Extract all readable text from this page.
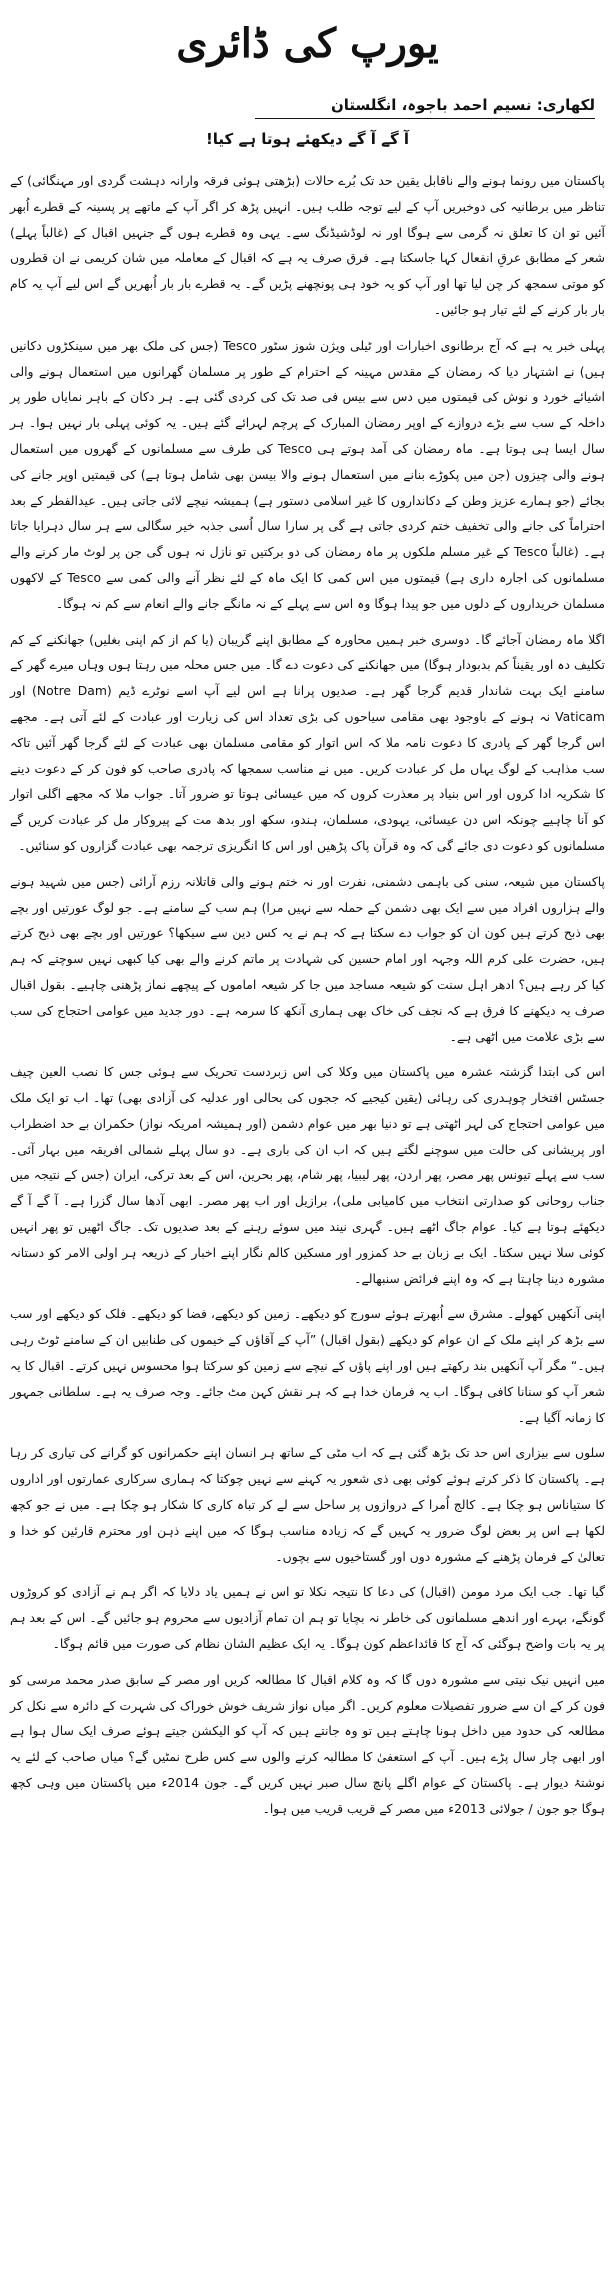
یورپ کی ڈائری
لکھاری: نسیم احمد باجوہ، انگلستان
آ گے آ گے دیکھئے ہوتا ہے کیا!

پاکستان میں رونما ہونے والے ناقابل یقین حد تک بُرے حالات (بڑھتی ہوئی فرقہ وارانہ دہشت گردی اور مہنگائی) کے تناظر میں برطانیہ کی دوخبریں آپ کے لیے توجہ طلب ہیں۔ انہیں پڑھ کر اگر آپ کے ماتھے پر پسینہ کے قطرے اُبھر آئیں تو ان کا تعلق نہ گرمی سے ہوگا اور نہ لوڈشیڈنگ سے۔ یہی وہ قطرے ہوں گے جنہیں اقبال کے (غالباً پہلے) شعر کے مطابق عرقِ انفعال کہا جاسکتا ہے۔ فرق صرف یہ ہے کہ اقبال کے معاملہ میں شان کریمی نے ان قطروں کو موتی سمجھ کر چن لیا تھا اور آپ کو یہ خود ہی پونچھنے پڑیں گے۔ یہ قطرے بار بار اُبھریں گے اس لیے آپ یہ کام بار بار کرنے کے لئے تیار ہو جائیں۔

پہلی خبر یہ ہے کہ آج برطانوی اخبارات اور ٹیلی ویژن شوز سٹور Tesco (جس کی ملک بھر میں سینکڑوں دکانیں ہیں) نے اشتہار دیا کہ رمضان کے مقدس مہینہ کے احترام کے طور پر مسلمان گھرانوں میں استعمال ہونے والی اشیائے خورد و نوش کی قیمتوں میں دس سے بیس فی صد تک کی کردی گئی ہے۔ ہر دکان کے باہر نمایاں طور پر داخلہ کے سب سے بڑے دروازے کے اوپر رمضان المبارک کے پرچم لہرائے گئے ہیں۔ یہ کوئی پہلی بار نہیں ہوا۔ ہر سال ایسا ہی ہوتا ہے۔ ماہ رمضان کی آمد ہوتے ہی Tesco کی طرف سے مسلمانوں کے گھروں میں استعمال ہونے والی چیزوں (جن میں پکوڑے بنانے میں استعمال ہونے والا بیسن بھی شامل ہوتا ہے) کی قیمتیں اوپر جانے کی بجائے (جو ہمارے عزیز وطن کے دکانداروں کا غیر اسلامی دستور ہے) ہمیشہ نیچے لائی جاتی ہیں۔ عیدالفطر کے بعد احتراماً کی جانے والی تخفیف ختم کردی جاتی ہے گی پر سارا سال اُسی جذبہ خیر سگالی سے ہر سال دہرایا جاتا ہے۔ (غالباً Tesco کے غیر مسلم ملکوں پر ماہ رمضان کی دو برکتیں تو نازل نہ ہوں گی جن پر لوٹ مار کرنے والے مسلمانوں کی اجارہ داری ہے) قیمتوں میں اس کمی کا ایک ماہ کے لئے نظر آنے والی کمی سے Tesco کے لاکھوں مسلمان خریداروں کے دلوں میں جو پیدا ہوگا وہ اس سے پہلے کے نہ مانگے جانے والے انعام سے کم نہ ہوگا۔

اگلا ماہ رمضان آجائے گا۔ دوسری خبر ہمیں محاورہ کے مطابق اپنے گریبان (یا کم از کم اپنی بغلیں) جھانکنے کے کم تکلیف دہ اور یقیناً کم بدبودار ہوگا) میں جھانکنے کی دعوت دے گا۔ میں جس محلہ میں رہتا ہوں وہاں میرے گھر کے سامنے ایک بہت شاندار قدیم گرجا گھر ہے۔ صدیوں پرانا ہے اس لیے آپ اسے نوٹرے ڈیم (Notre Dam) اور Vaticam نہ ہونے کے باوجود بھی مقامی سیاحوں کی بڑی تعداد اس کی زیارت اور عبادت کے لئے آتی ہے۔ مجھے اس گرجا گھر کے پادری کا دعوت نامہ ملا کہ اس اتوار کو مقامی مسلمان بھی عبادت کے لئے گرجا گھر آئیں تاکہ سب مذاہب کے لوگ یہاں مل کر عبادت کریں۔ میں نے مناسب سمجھا کہ پادری صاحب کو فون کر کے دعوت دینے کا شکریہ ادا کروں اور اس بنیاد پر معذرت کروں کہ میں عیسائی ہوتا تو ضرور آتا۔ جواب ملا کہ مجھے اگلی اتوار کو آنا چاہیے چونکہ اس دن عیسائی، یہودی، مسلمان، ہندو، سکھ اور بدھ مت کے پیروکار مل کر عبادت کریں گے مسلمانوں کو دعوت دی جائے گی کہ وہ قرآن پاک پڑھیں اور اس کا انگریزی ترجمہ بھی عبادت گزاروں کو سنائیں۔

پاکستان میں شیعہ، سنی کی باہمی دشمنی، نفرت اور نہ ختم ہونے والی قاتلانہ رزم آرائی (جس میں شہید ہونے والے ہزاروں افراد میں سے ایک بھی دشمن کے حملہ سے نہیں مرا) ہم سب کے سامنے ہے۔ جو لوگ عورتیں اور بچے بھی ذبح کرتے ہیں کون ان کو جواب دے سکتا ہے کہ ہم نے یہ کس دین سے سیکھا؟ عورتیں اور بچے بھی ذبح کرتے ہیں، حضرت علی کرم اللہ وجہہ اور امام حسین کی شہادت پر ماتم کرنے والے بھی کیا کبھی نہیں سوچتے کہ ہم کیا کر رہے ہیں؟ ادھر اہل سنت کو شیعہ مساجد میں جا کر شیعہ اماموں کے پیچھے نماز پڑھنی چاہیے۔ بقول اقبال صرف یہ دیکھنے کا فرق ہے کہ نجف کی خاک بھی ہماری آنکھ کا سرمہ ہے۔ دور جدید میں عوامی احتجاج کی سب سے بڑی علامت میں اٹھی ہے۔

اس کی ابتدا گزشتہ عشرہ میں پاکستان میں وکلا کی اس زبردست تحریک سے ہوئی جس کا نصب العین چیف جسٹس افتخار چوہدری کی رہائی (یقین کیجیے کہ ججوں کی بحالی اور عدلیہ کی آزادی بھی) تھا۔ اب تو ایک ملک میں عوامی احتجاج کی لہر اٹھتی ہے تو دنیا بھر میں عوام دشمن (اور ہمیشہ امریکہ نواز) حکمران بے حد اضطراب اور پریشانی کی حالت میں سوچنے لگتے ہیں کہ اب ان کی باری ہے۔ دو سال پہلے شمالی افریقہ میں بہار آئی۔ سب سے پہلے تیونس پھر مصر، پھر اردن، پھر لیبیا، پھر شام، پھر بحرین، اس کے بعد ترکی، ایران (جس کے نتیجہ میں جناب روحانی کو صدارتی انتخاب میں کامیابی ملی)، برازیل اور اب پھر مصر۔ ابھی آدھا سال گزرا ہے۔ آ گے آ گے دیکھئے ہوتا ہے کیا۔ عوام جاگ اٹھے ہیں۔ گہری نیند میں سوئے رہنے کے بعد صدیوں تک۔ جاگ اٹھیں تو پھر انہیں کوئی سلا نہیں سکتا۔ ایک بے زبان بے حد کمزور اور مسکین کالم نگار اپنے اخبار کے ذریعہ ہر اولی الامر کو دستانہ مشورہ دینا چاہتا ہے کہ وہ اپنے فرائض سنبھالے۔

اپنی آنکھیں کھولے۔ مشرق سے اُبھرتے ہوئے سورج کو دیکھے۔ زمین کو دیکھے، فضا کو دیکھے۔ فلک کو دیکھے اور سب سے بڑھ کر اپنے ملک کے ان عوام کو دیکھے (بقول اقبال) ”آپ کے آقاؤں کے خیموں کی طنابیں ان کے سامنے ٹوٹ رہی ہیں۔“ مگر آپ آنکھیں بند رکھتے ہیں اور اپنے پاؤں کے نیچے سے زمین کو سرکتا ہوا محسوس نہیں کرتے۔ اقبال کا یہ شعر آپ کو سنانا کافی ہوگا۔ اب یہ فرمان خدا ہے کہ ہر نقش کہن مٹ جائے۔ وجہ صرف یہ ہے۔ سلطانی جمہور کا زمانہ آگیا ہے۔

سلوں سے بیزاری اس حد تک بڑھ گئی ہے کہ اب مٹی کے ساتھ ہر انسان اپنے حکمرانوں کو گرانے کی تیاری کر رہا ہے۔ پاکستان کا ذکر کرتے ہوئے کوئی بھی ذی شعور یہ کہنے سے نہیں چوکتا کہ ہماری سرکاری عمارتوں اور اداروں کا ستیاناس ہو چکا ہے۔ کالج اُمرا کے دروازوں پر ساحل سے لے کر تباہ کاری کا شکار ہو چکا ہے۔ میں نے جو کچھ لکھا ہے اس پر بعض لوگ ضرور یہ کہیں گے کہ زیادہ مناسب ہوگا کہ میں اپنے ذہن اور محترم قارئین کو خدا و تعالیٰ کے فرمان پڑھنے کے مشورہ دوں اور گستاخیوں سے بچوں۔

گیا تھا۔ جب ایک مرد مومن (اقبال) کی دعا کا نتیجہ نکلا تو اس نے ہمیں یاد دلایا کہ اگر ہم نے آزادی کو کروڑوں گونگے، بہرے اور اندھے مسلمانوں کی خاطر نہ بچایا تو ہم ان تمام آزادیوں سے محروم ہو جائیں گے۔ اس کے بعد ہم پر یہ بات واضح ہوگئی کہ آج کا قائداعظم کون ہوگا۔ یہ ایک عظیم الشان نظام کی صورت میں قائم ہوگا۔

میں انہیں نیک نیتی سے مشورہ دوں گا کہ وہ کلام اقبال کا مطالعہ کریں اور مصر کے سابق صدر محمد مرسی کو فون کر کے ان سے ضرور تفصیلات معلوم کریں۔ اگر میاں نواز شریف خوش خوراک کی شہرت کے دائرہ سے نکل کر مطالعہ کی حدود میں داخل ہونا چاہتے ہیں تو وہ جانتے ہیں کہ آپ کو الیکشن جیتے ہوئے صرف ایک سال ہوا ہے اور ابھی چار سال پڑے ہیں۔ آپ کے استعفیٰ کا مطالبہ کرنے والوں سے کس طرح نمٹیں گے؟ میاں صاحب کے لئے یہ نوشتۂ دیوار ہے۔ پاکستان کے عوام اگلے پانچ سال صبر نہیں کریں گے۔ جون 2014ء میں پاکستان میں وہی کچھ ہوگا جو جون / جولائی 2013ء میں مصر کے قریب قریب میں ہوا۔
